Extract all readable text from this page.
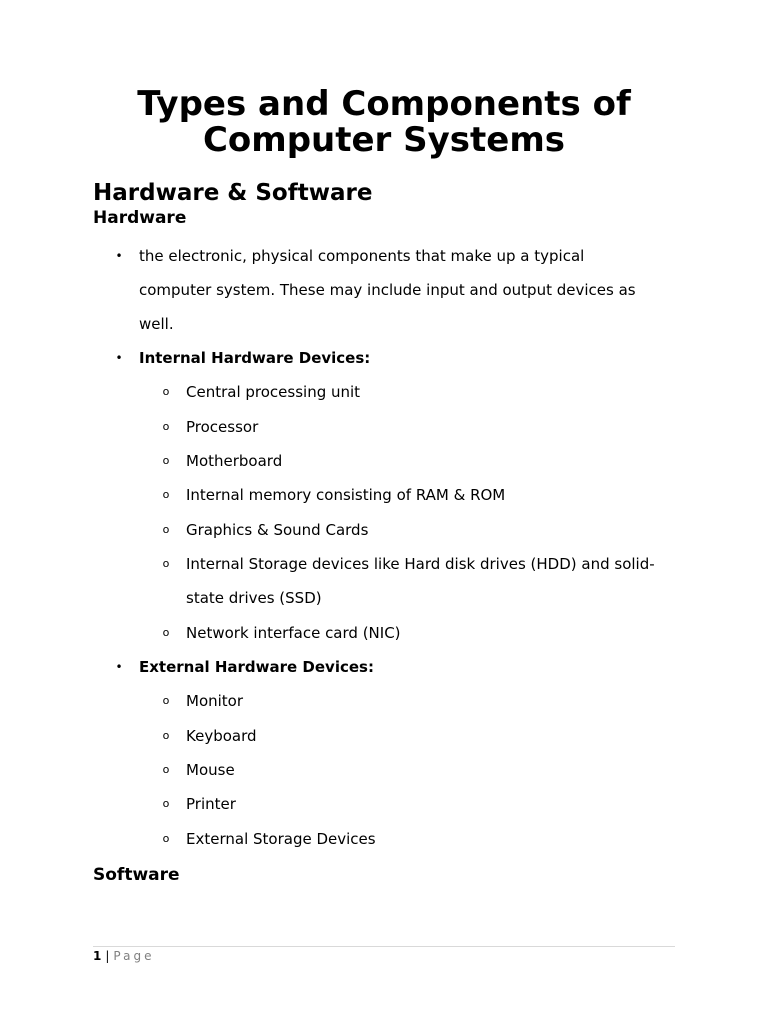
Types and Components of
Computer Systems
Hardware & Software
Hardware
• the electronic, physical components that make up a typical
computer system. These may include input and output devices as
well.
• Internal Hardware Devices:
o Central processing unit
o Processor
o Motherboard
o Internal memory consisting of RAM & ROM
o Graphics & Sound Cards
o Internal Storage devices like Hard disk drives (HDD) and solid-
state drives (SSD)
o Network interface card (NIC)
• External Hardware Devices:
o Monitor
o Keyboard
o Mouse
o Printer
o External Storage Devices
Software
1 | Page
